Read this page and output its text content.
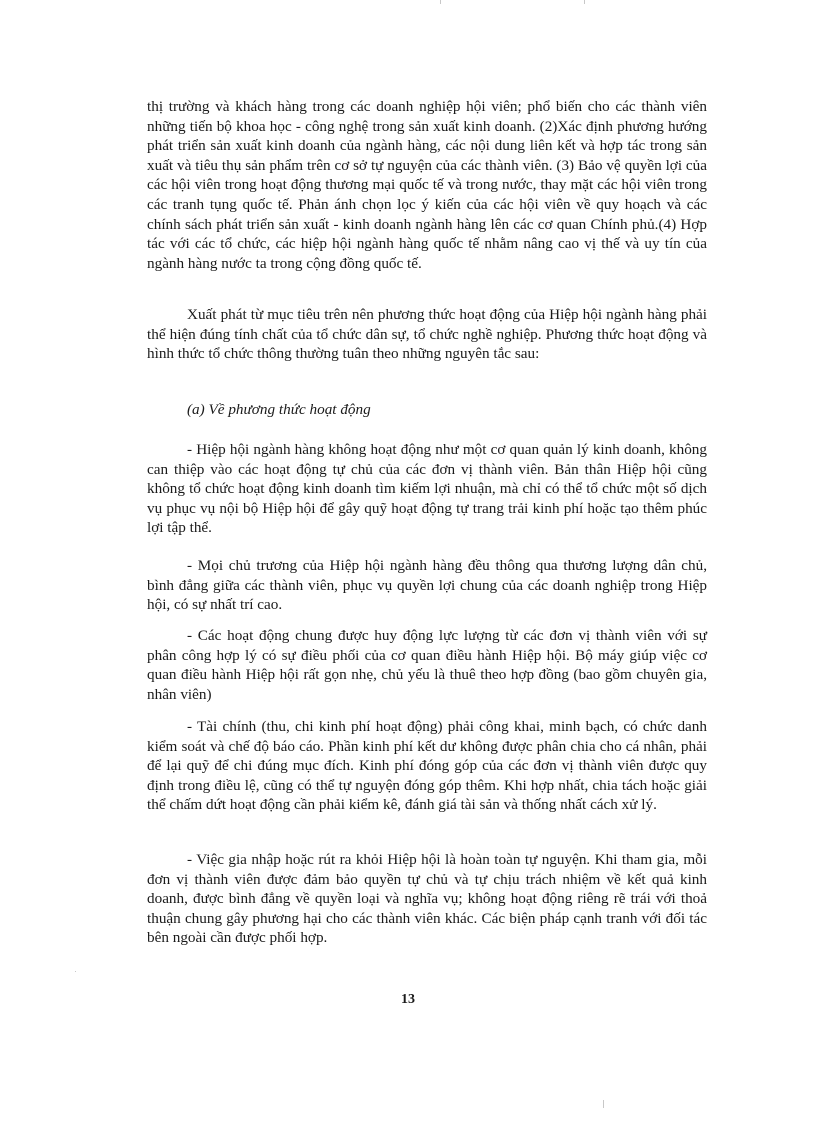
thị trường và khách hàng trong các doanh nghiệp hội viên; phổ biến cho các thành viên những tiến bộ khoa học - công nghệ trong sản xuất kinh doanh. (2)Xác định phương hướng phát triển sản xuất kinh doanh của ngành hàng, các nội dung liên kết và hợp tác trong sản xuất và tiêu thụ sản phẩm trên cơ sở tự nguyện của các thành viên. (3) Bảo vệ quyền lợi của các hội viên trong hoạt động thương mại quốc tế và trong nước, thay mặt các hội viên trong các tranh tụng quốc tế. Phản ánh chọn lọc ý kiến của các hội viên về quy hoạch và các chính sách phát triển sản xuất - kinh doanh ngành hàng lên các cơ quan Chính phủ.(4) Hợp tác với các tổ chức, các hiệp hội ngành hàng quốc tế nhằm nâng cao vị thế và uy tín của ngành hàng nước ta trong cộng đồng quốc tế.
Xuất phát từ mục tiêu trên nên phương thức hoạt động của Hiệp hội ngành hàng phải thể hiện đúng tính chất của tổ chức dân sự, tổ chức nghề nghiệp. Phương thức hoạt động và hình thức tổ chức thông thường tuân theo những nguyên tắc sau:
(a) Về phương thức hoạt động
- Hiệp hội ngành hàng không hoạt động như một cơ quan quản lý kinh doanh, không can thiệp vào các hoạt động tự chủ của các đơn vị thành viên. Bản thân Hiệp hội cũng không tổ chức hoạt động kinh doanh tìm kiếm lợi nhuận, mà chỉ có thể tổ chức một số dịch vụ phục vụ nội bộ Hiệp hội để gây quỹ hoạt động tự trang trải kinh phí hoặc tạo thêm phúc lợi tập thể.
- Mọi chủ trương của Hiệp hội ngành hàng đều thông qua thương lượng dân chủ, bình đẳng giữa các thành viên, phục vụ quyền lợi chung của các doanh nghiệp trong Hiệp hội, có sự nhất trí cao.
- Các hoạt động chung được huy động lực lượng từ các đơn vị thành viên với sự phân công hợp lý có sự điều phối của cơ quan điều hành Hiệp hội. Bộ máy giúp việc cơ quan điều hành Hiệp hội rất gọn nhẹ, chủ yếu là thuê theo hợp đồng (bao gồm chuyên gia, nhân viên)
- Tài chính (thu, chi kinh phí hoạt động) phải công khai, minh bạch, có chức danh kiểm soát và chế độ báo cáo. Phần kinh phí kết dư không được phân chia cho cá nhân, phải để lại quỹ để chi đúng mục đích. Kinh phí đóng góp của các đơn vị thành viên được quy định trong điều lệ, cũng có thể tự nguyện đóng góp thêm. Khi hợp nhất, chia tách hoặc giải thể chấm dứt hoạt động cần phải kiểm kê, đánh giá tài sản và thống nhất cách xử lý.
- Việc gia nhập hoặc rút ra khỏi Hiệp hội là hoàn toàn tự nguyện. Khi tham gia, mỗi đơn vị thành viên được đảm bảo quyền tự chủ và tự chịu trách nhiệm về kết quả kinh doanh, được bình đẳng về quyền loại và nghĩa vụ; không hoạt động riêng rẽ trái với thoả thuận chung gây phương hại cho các thành viên khác. Các biện pháp cạnh tranh với đối tác bên ngoài cần được phối hợp.
13
